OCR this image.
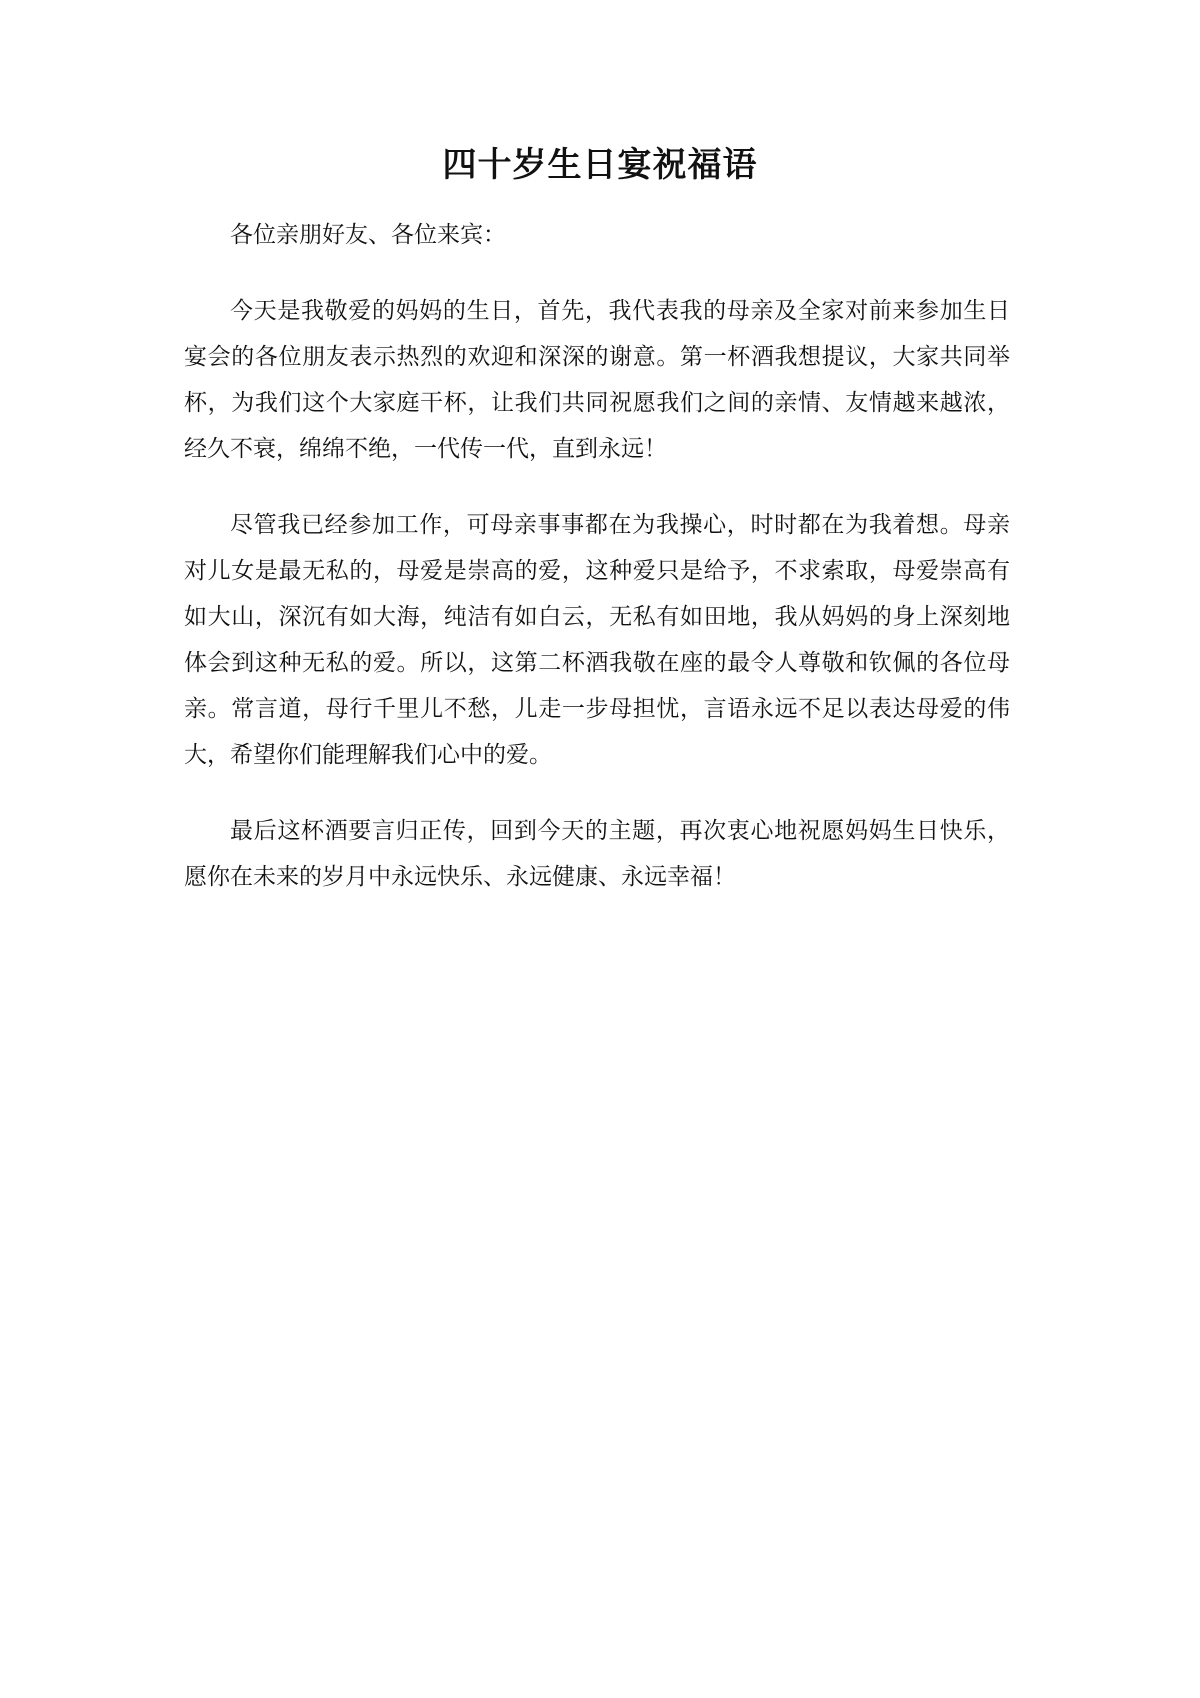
四十岁生日宴祝福语

各位亲朋好友、各位来宾：

今天是我敬爱的妈妈的生日，首先，我代表我的母亲及全家对前来参加生日宴会的各位朋友表示热烈的欢迎和深深的谢意。第一杯酒我想提议，大家共同举杯，为我们这个大家庭干杯，让我们共同祝愿我们之间的亲情、友情越来越浓，经久不衰，绵绵不绝，一代传一代，直到永远！

尽管我已经参加工作，可母亲事事都在为我操心，时时都在为我着想。母亲对儿女是最无私的，母爱是崇高的爱，这种爱只是给予，不求索取，母爱崇高有如大山，深沉有如大海，纯洁有如白云，无私有如田地，我从妈妈的身上深刻地体会到这种无私的爱。所以，这第二杯酒我敬在座的最令人尊敬和钦佩的各位母亲。常言道，母行千里儿不愁，儿走一步母担忧，言语永远不足以表达母爱的伟大，希望你们能理解我们心中的爱。

最后这杯酒要言归正传，回到今天的主题，再次衷心地祝愿妈妈生日快乐，愿你在未来的岁月中永远快乐、永远健康、永远幸福！
